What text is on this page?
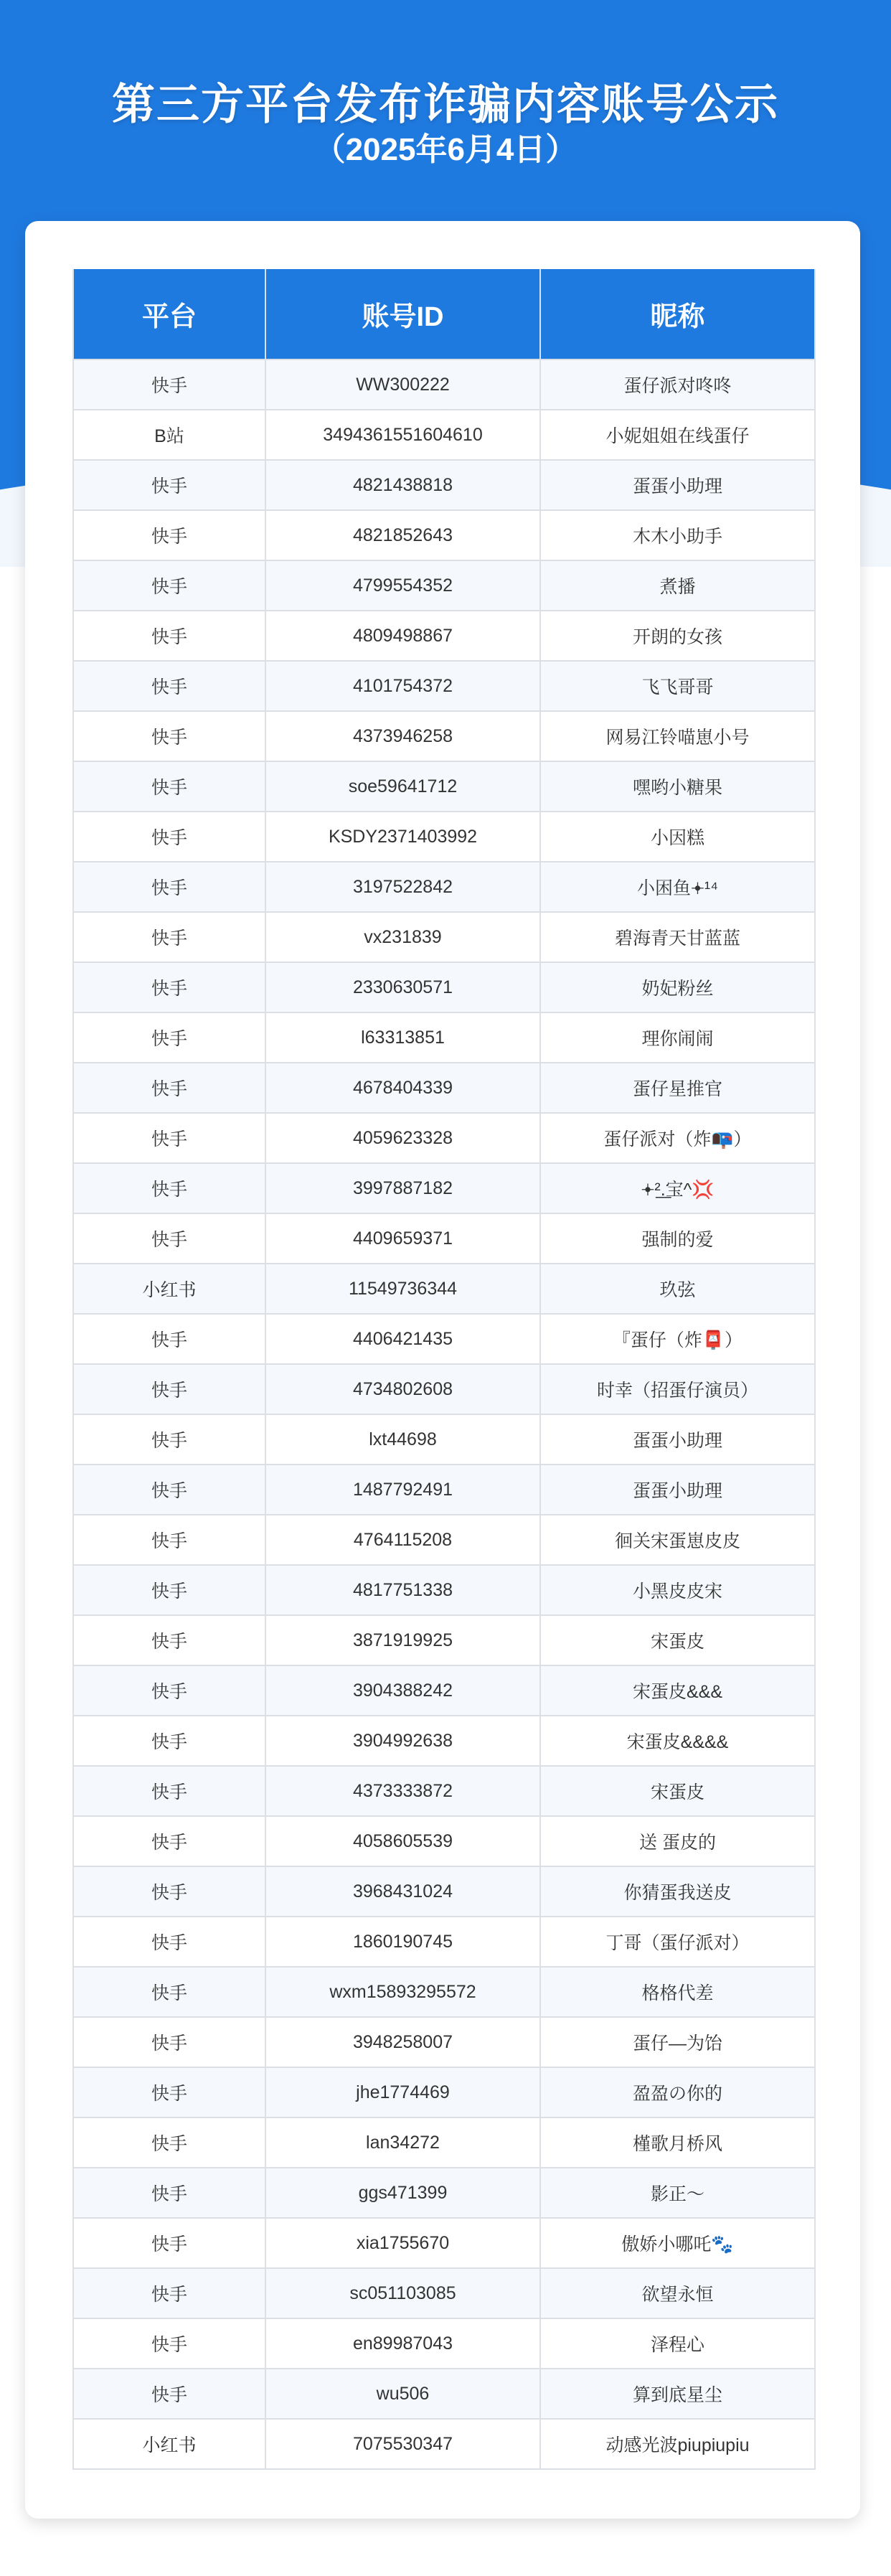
第三方平台发布诈骗内容账号公示
（2025年6月4日）
平台	账号ID	昵称
快手	WW300222	蛋仔派对咚咚
B站	3494361551604610	小妮姐姐在线蛋仔
快手	4821438818	蛋蛋小助理
快手	4821852643	木木小助手
快手	4799554352	煮播
快手	4809498867	开朗的女孩
快手	4101754372	飞飞哥哥
快手	4373946258	网易江铃喵崽小号
快手	soe59641712	嘿哟小糖果
快手	KSDY2371403992	小因糕
快手	3197522842	小困鱼𖥔¹⁴
快手	vx231839	碧海青天甘蓝蓝
快手	2330630571	奶妃粉丝
快手	l63313851	理你闹闹
快手	4678404339	蛋仔星推官
快手	4059623328	蛋仔派对（炸📭）
快手	3997887182	𖥔²͟.宝^💢
快手	4409659371	强制的爱
小红书	11549736344	玖弦
快手	4406421435	『蛋仔（炸📮）
快手	4734802608	时幸（招蛋仔演员）
快手	lxt44698	蛋蛋小助理
快手	1487792491	蛋蛋小助理
快手	4764115208	徊关宋蛋崽皮皮
快手	4817751338	小黑皮皮宋
快手	3871919925	宋蛋皮
快手	3904388242	宋蛋皮&&&
快手	3904992638	宋蛋皮&&&&
快手	4373333872	宋蛋皮
快手	4058605539	送 蛋皮的
快手	3968431024	你猜蛋我送皮
快手	1860190745	丁哥（蛋仔派对）
快手	wxm15893295572	格格代差
快手	3948258007	蛋仔—为饴
快手	jhe1774469	盈盈の你的
快手	lan34272	槿歌月桥风
快手	ggs471399	影正～
快手	xia1755670	傲娇小哪吒🐾
快手	sc051103085	欲望永恒
快手	en89987043	泽程心
快手	wu506	算到底星尘
小红书	7075530347	动感光波piupiupiu
